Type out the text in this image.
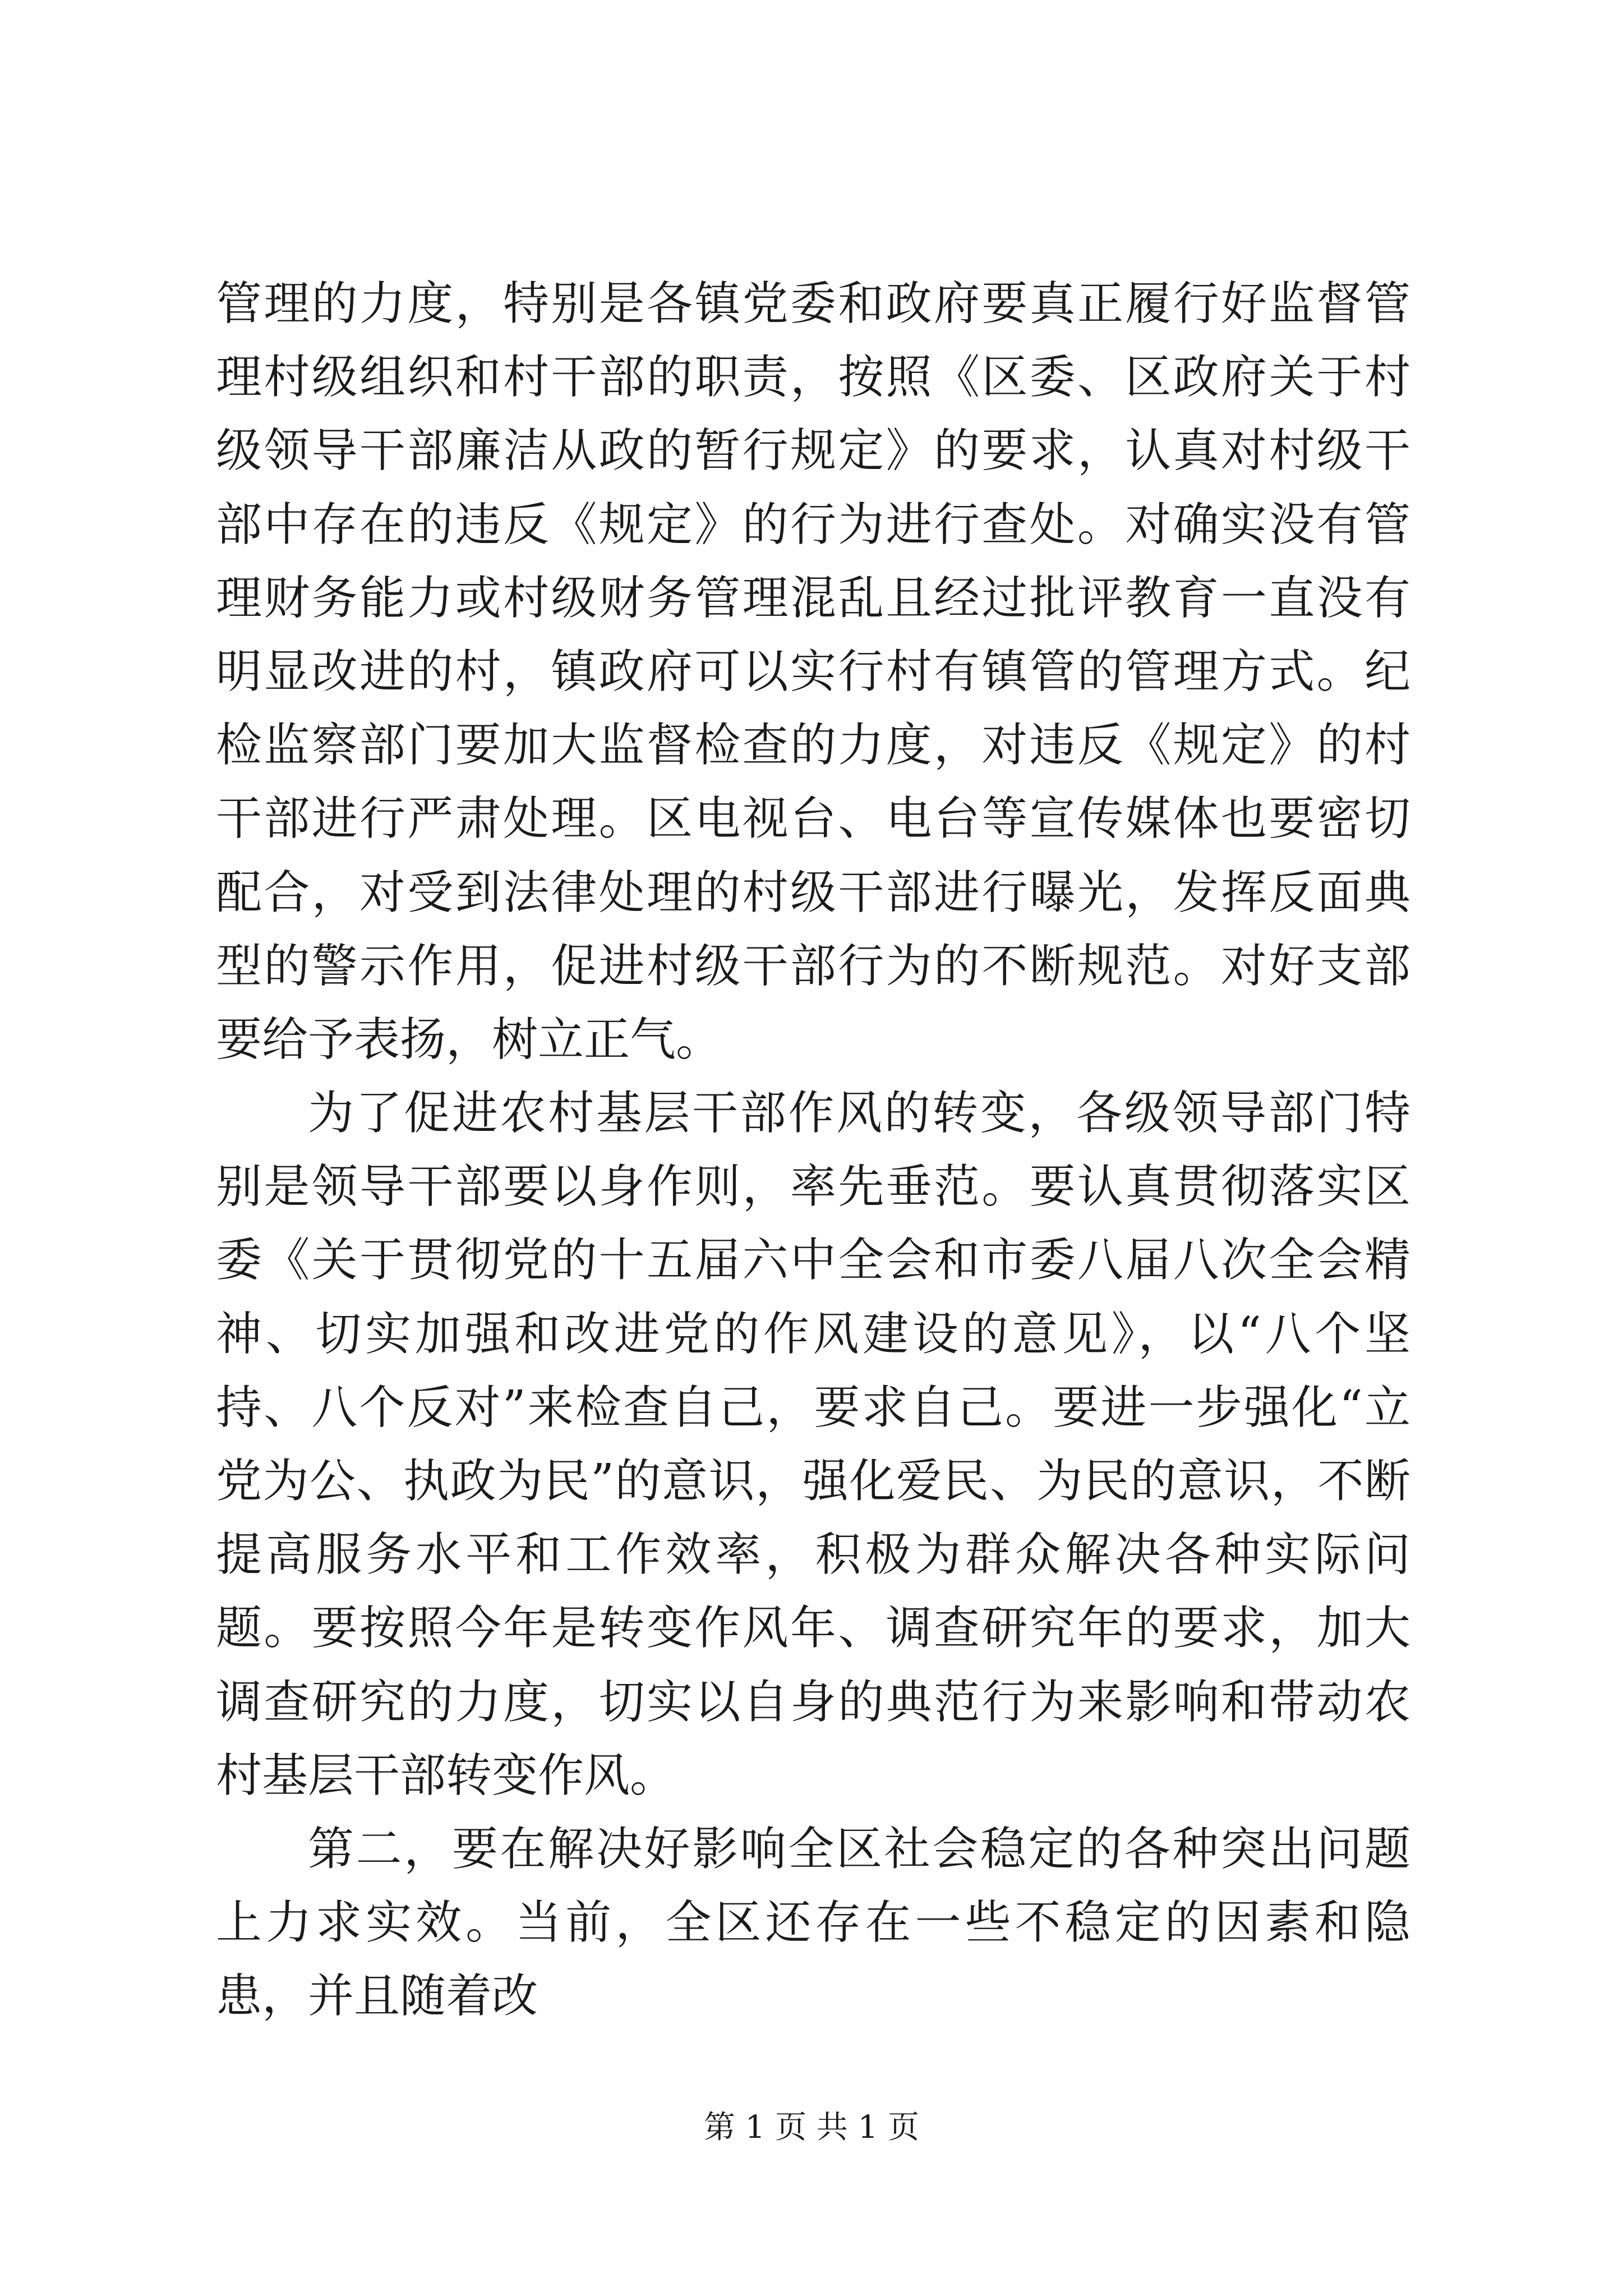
管理的力度，特别是各镇党委和政府要真正履行好监督管理村级组织和村干部的职责，按照《区委、区政府关于村级领导干部廉洁从政的暂行规定》的要求，认真对村级干部中存在的违反《规定》的行为进行查处。对确实没有管理财务能力或村级财务管理混乱且经过批评教育一直没有明显改进的村，镇政府可以实行村有镇管的管理方式。纪检监察部门要加大监督检查的力度，对违反《规定》的村干部进行严肃处理。区电视台、电台等宣传媒体也要密切配合，对受到法律处理的村级干部进行曝光，发挥反面典型的警示作用，促进村级干部行为的不断规范。对好支部要给予表扬，树立正气。

为了促进农村基层干部作风的转变，各级领导部门特别是领导干部要以身作则，率先垂范。要认真贯彻落实区委《关于贯彻党的十五届六中全会和市委八届八次全会精神、切实加强和改进党的作风建设的意见》，以“八个坚持、八个反对”来检查自己，要求自己。要进一步强化“立党为公、执政为民”的意识，强化爱民、为民的意识，不断提高服务水平和工作效率，积极为群众解决各种实际问题。要按照今年是转变作风年、调查研究年的要求，加大调查研究的力度，切实以自身的典范行为来影响和带动农村基层干部转变作风。

第二，要在解决好影响全区社会稳定的各种突出问题上力求实效。当前，全区还存在一些不稳定的因素和隐患，并且随着改

第 1 页 共 1 页
